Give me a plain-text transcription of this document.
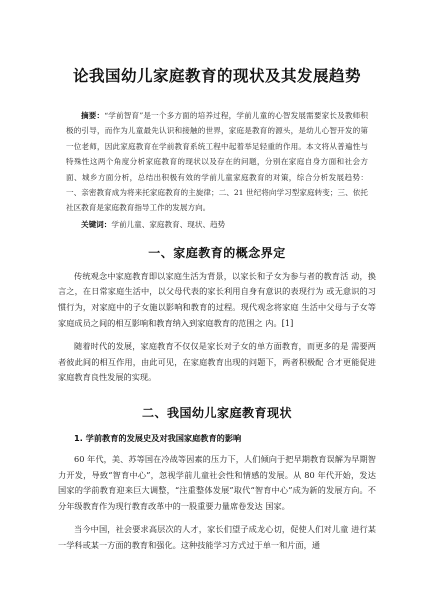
论我国幼儿家庭教育的现状及其发展趋势

摘要：“学前智育”是一个多方面的培养过程，学前儿童的心智发展需要家长及教师积极的引导，而作为儿童最先认识和接触的世界，家庭是教育的源头，是幼儿心智开发的第一位老师，因此家庭教育在学前教育系统工程中起着举足轻重的作用。本文将从普遍性与特殊性这两个角度分析家庭教育的现状以及存在的问题，分别在家庭自身方面和社会方面、城乡方面分析，总结出积极有效的学前儿童家庭教育的对策，综合分析发展趋势：一、亲密教育成为将来托家庭教育的主旋律；二、21 世纪将向学习型家庭转变；三、依托社区教育是家庭教育指导工作的发展方向。

关键词：学前儿童、家庭教育、现状、趋势

一、家庭教育的概念界定

传统观念中家庭教育即以家庭生活为背景，以家长和子女为参与者的教育活 动，换言之，在日常家庭生活中，以父母代表的家长利用自身有意识的表现行为 或无意识的习惯行为，对家庭中的子女施以影响和教育的过程。现代观念将家庭 生活中父母与子女等家庭成员之间的相互影响和教育纳入到家庭教育的范围之 内。[1]

随着时代的发展，家庭教育不仅仅是家长对子女的单方面教育，而更多的是 需要两者彼此间的相互作用，由此可见，在家庭教育出现的问题下，两者积极配 合才更能促进家庭教育良性发展的实现。

二、我国幼儿家庭教育现状
1. 学前教育的发展史及对我国家庭教育的影响

60 年代，美、苏等国在冷战等因素的压力下，人们倾向于把早期教育误解为早期智力开发，导致“智育中心”，忽视学前儿童社会性和情感的发展。从 80 年代开始，发达国家的学前教育迎来巨大调整，“注重整体发展”取代“智育中心”成为新的发展方向。不分年级教育作为现行教育改革中的一股重要力量席卷发达 国家。

当今中国，社会要求高层次的人才，家长们望子成龙心切，促使人们对儿童 进行某一学科或某一方面的教育和强化。这种技能学习方式过于单一和片面，通
